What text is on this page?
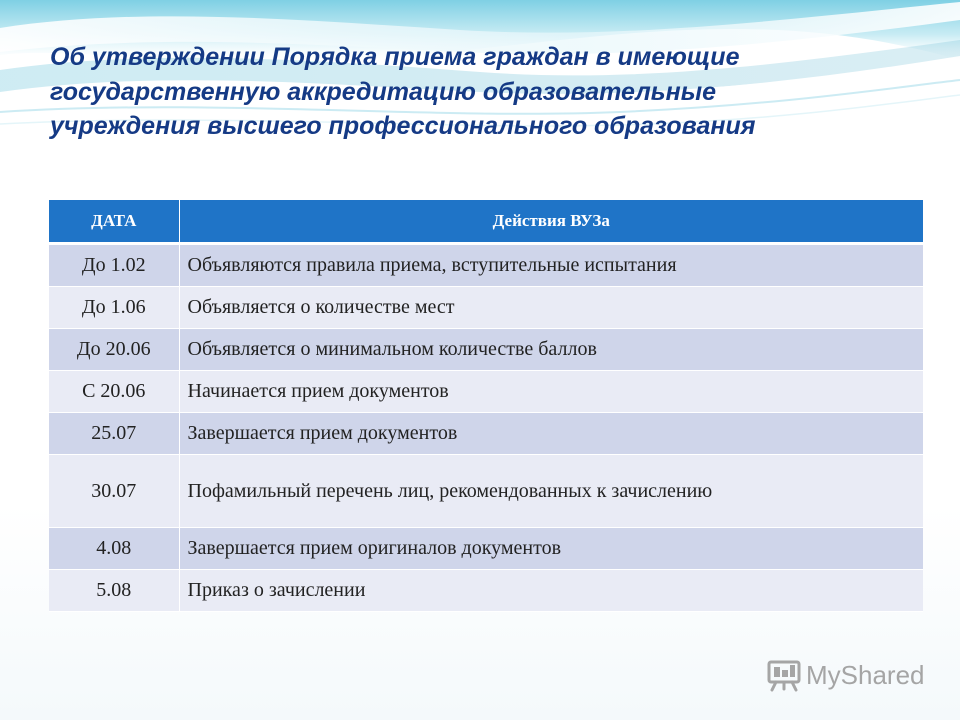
Об утверждении Порядка приема граждан в имеющие государственную аккредитацию образовательные учреждения высшего профессионального образования
ДАТА	Действия ВУЗа
До 1.02	Объявляются правила приема, вступительные испытания
До 1.06	Объявляется о количестве мест
До 20.06	Объявляется о минимальном количестве баллов
С 20.06	Начинается прием документов
25.07	Завершается прием документов
30.07	Пофамильный перечень лиц, рекомендованных к зачислению
4.08	Завершается прием оригиналов документов
5.08	Приказ о зачислении
MyShared
